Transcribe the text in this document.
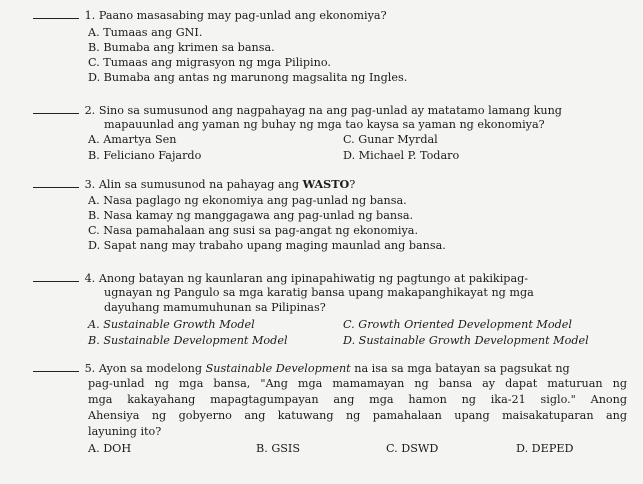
1. Paano masasabing may pag-unlad ang ekonomiya?
A. Tumaas ang GNI.
B. Bumaba ang krimen sa bansa.
C. Tumaas ang migrasyon ng mga Pilipino.
D. Bumaba ang antas ng marunong magsalita ng Ingles.
2. Sino sa sumusunod ang nagpahayag na ang pag-unlad ay matatamo lamang kung
mapauunlad ang yaman ng buhay ng mga tao kaysa sa yaman ng ekonomiya?
A. Amartya Sen	C. Gunar Myrdal
B. Feliciano Fajardo	D. Michael P. Todaro
3. Alin sa sumusunod na pahayag ang WASTO?
A. Nasa paglago ng ekonomiya ang pag-unlad ng bansa.
B. Nasa kamay ng manggagawa ang pag-unlad ng bansa.
C. Nasa pamahalaan ang susi sa pag-angat ng ekonomiya.
D. Sapat nang may trabaho upang maging maunlad ang bansa.
4. Anong batayan ng kaunlaran ang ipinapahiwatig ng pagtungo at pakikipag-
ugnayan ng Pangulo sa mga karatig bansa upang makapanghikayat ng mga
dayuhang mamumuhunan sa Pilipinas?
A. Sustainable Growth Model	C. Growth Oriented Development Model
B. Sustainable Development Model	D. Sustainable Growth Development Model
5. Ayon sa modelong Sustainable Development na isa sa mga batayan sa pagsukat ng
pag-unlad ng mga bansa, "Ang mga mamamayan ng bansa ay dapat maturuan ng
mga kakayahang mapagtagumpayan ang mga hamon ng ika-21 siglo." Anong
Ahensiya ng gobyerno ang katuwang ng pamahalaan upang maisakatuparan ang
layuning ito?
A. DOH	B. GSIS	C. DSWD	D. DEPED
